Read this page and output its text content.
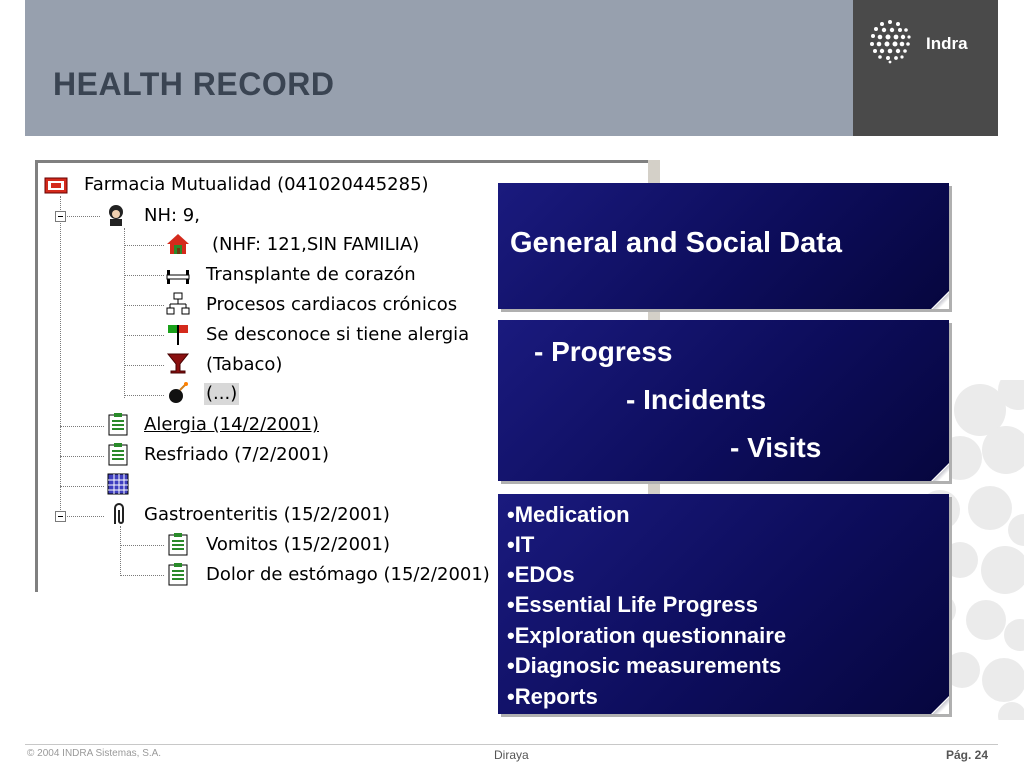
HEALTH RECORD
Indra
Farmacia Mutualidad (041020445285)
NH: 9,
(NHF: 121,SIN FAMILIA)
Transplante de corazón
Procesos cardiacos crónicos
Se desconoce si tiene alergia
(Tabaco)
(...)
Alergia (14/2/2001)
Resfriado (7/2/2001)
Gastroenteritis (15/2/2001)
Vomitos (15/2/2001)
Dolor de estómago (15/2/2001)
General and Social Data
- Progress
- Incidents
- Visits
•Medication
•IT
•EDOs
•Essential Life Progress
•Exploration questionnaire
•Diagnosic measurements
•Reports
© 2004 INDRA Sistemas, S.A.	Diraya	Pág. 24
